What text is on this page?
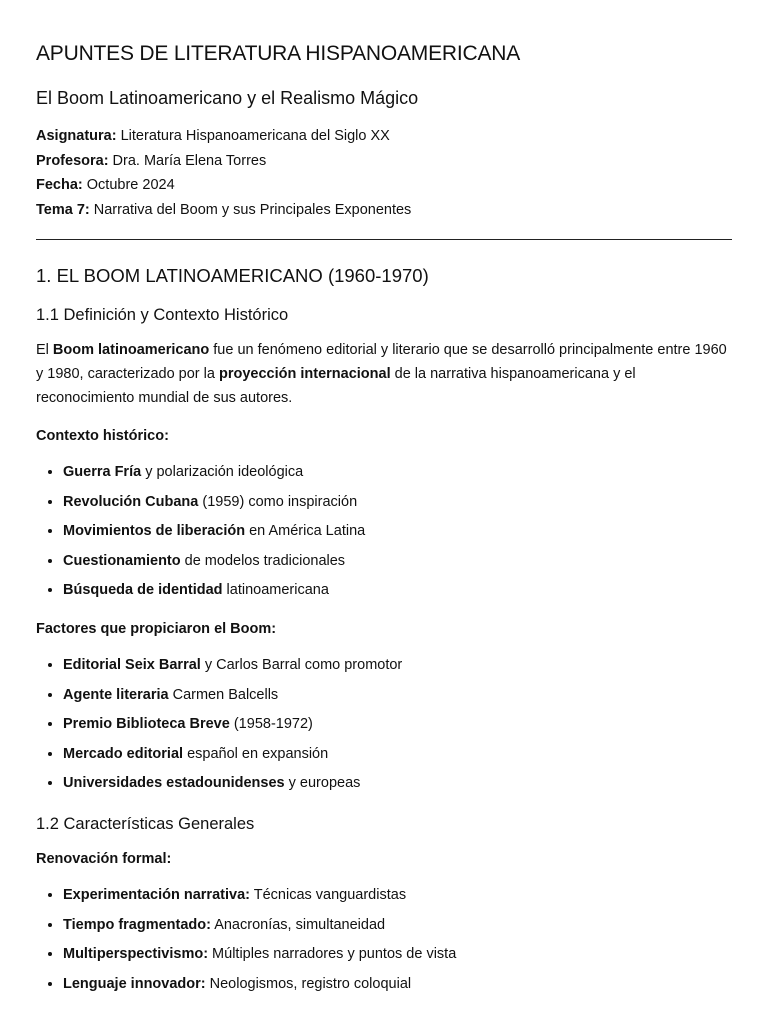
APUNTES DE LITERATURA HISPANOAMERICANA
El Boom Latinoamericano y el Realismo Mágico
Asignatura: Literatura Hispanoamericana del Siglo XX
Profesora: Dra. María Elena Torres
Fecha: Octubre 2024
Tema 7: Narrativa del Boom y sus Principales Exponentes
1. EL BOOM LATINOAMERICANO (1960-1970)
1.1 Definición y Contexto Histórico

El Boom latinoamericano fue un fenómeno editorial y literario que se desarrolló principalmente entre 1960 y 1980, caracterizado por la proyección internacional de la narrativa hispanoamericana y el reconocimiento mundial de sus autores.

Contexto histórico:

• Guerra Fría y polarización ideológica
• Revolución Cubana (1959) como inspiración
• Movimientos de liberación en América Latina
• Cuestionamiento de modelos tradicionales
• Búsqueda de identidad latinoamericana

Factores que propiciaron el Boom:

• Editorial Seix Barral y Carlos Barral como promotor
• Agente literaria Carmen Balcells
• Premio Biblioteca Breve (1958-1972)
• Mercado editorial español en expansión
• Universidades estadounidenses y europeas
1.2 Características Generales

Renovación formal:

• Experimentación narrativa: Técnicas vanguardistas
• Tiempo fragmentado: Anacronías, simultaneidad
• Multiperspectivismo: Múltiples narradores y puntos de vista
• Lenguaje innovador: Neologismos, registro coloquial
